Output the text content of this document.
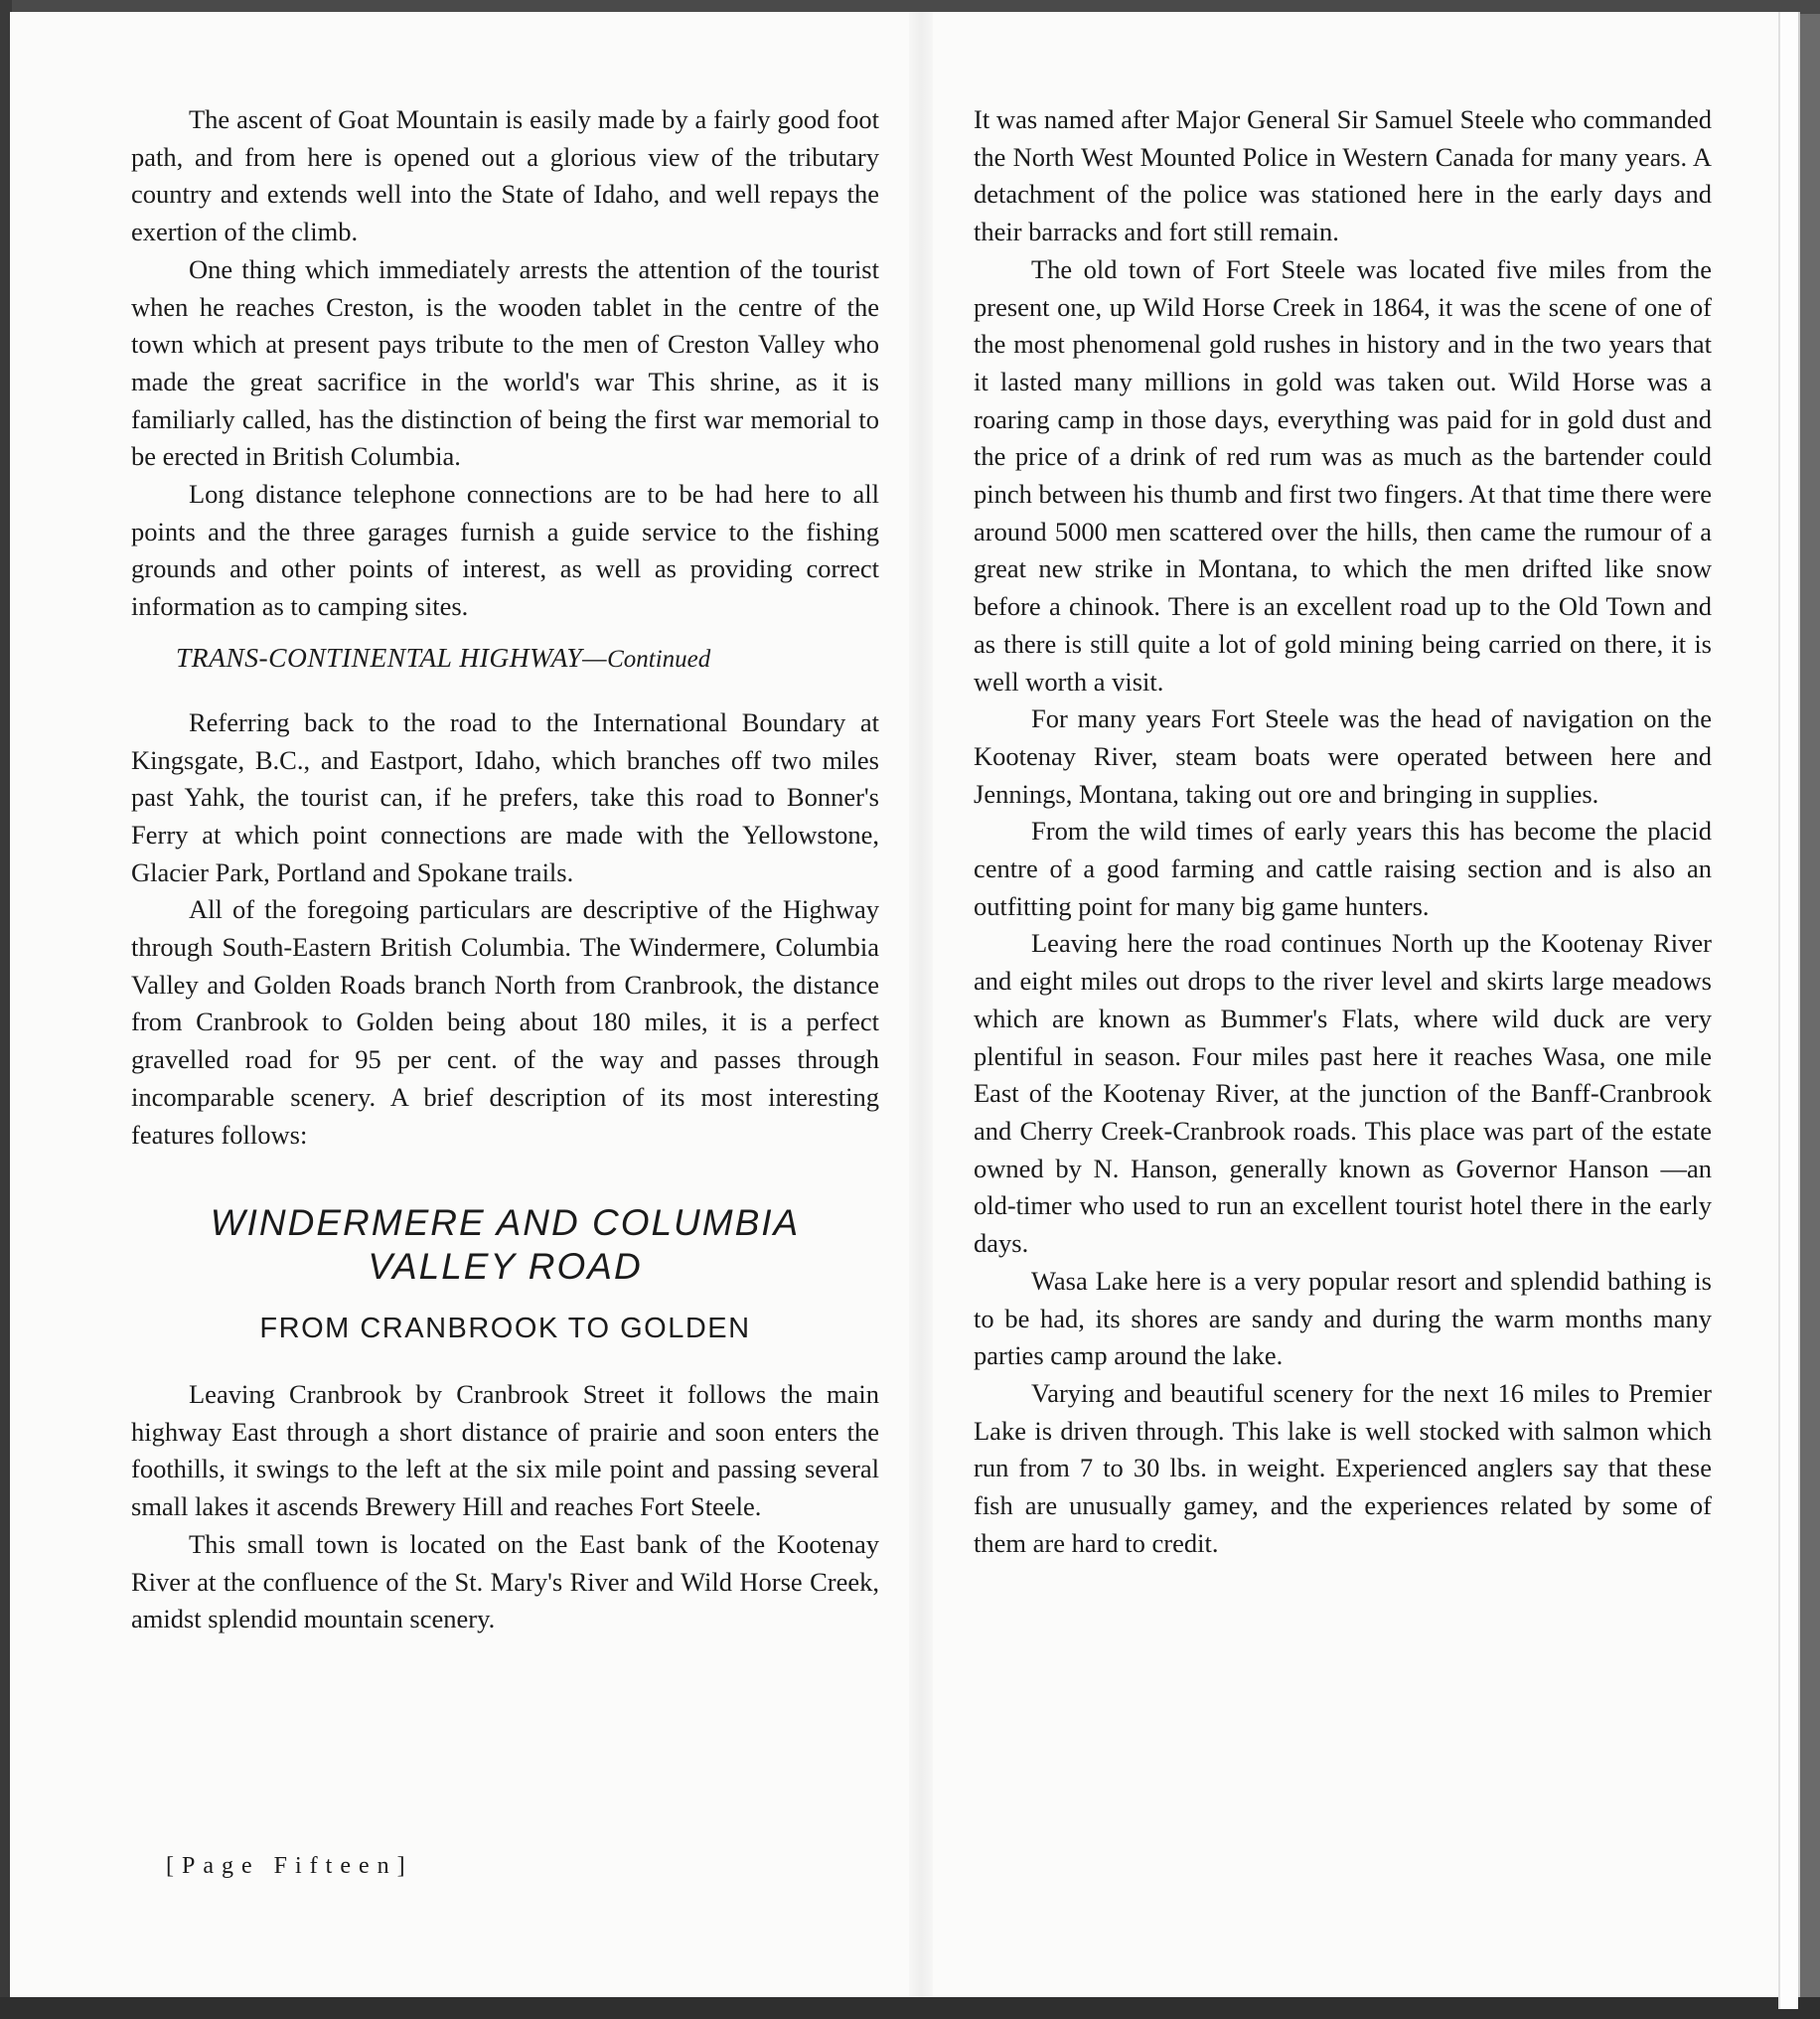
The ascent of Goat Mountain is easily made by a fairly good foot path, and from here is opened out a glorious view of the tributary country and extends well into the State of Idaho, and well repays the exertion of the climb.

One thing which immediately arrests the attention of the tourist when he reaches Creston, is the wooden tablet in the centre of the town which at present pays tribute to the men of Creston Valley who made the great sacrifice in the world's war This shrine, as it is familiarly called, has the distinction of being the first war memorial to be erected in British Columbia.

Long distance telephone connections are to be had here to all points and the three garages furnish a guide service to the fishing grounds and other points of interest, as well as providing correct information as to camping sites.

TRANS-CONTINENTAL HIGHWAY—Continued

Referring back to the road to the International Boundary at Kingsgate, B.C., and Eastport, Idaho, which branches off two miles past Yahk, the tourist can, if he prefers, take this road to Bonner's Ferry at which point connections are made with the Yellowstone, Glacier Park, Portland and Spokane trails.

All of the foregoing particulars are descriptive of the Highway through South-Eastern British Columbia. The Windermere, Columbia Valley and Golden Roads branch North from Cranbrook, the distance from Cranbrook to Golden being about 180 miles, it is a perfect gravelled road for 95 per cent. of the way and passes through incomparable scenery. A brief description of its most interesting features follows:

WINDERMERE AND COLUMBIA VALLEY ROAD
FROM CRANBROOK TO GOLDEN

Leaving Cranbrook by Cranbrook Street it follows the main highway East through a short distance of prairie and soon enters the foothills, it swings to the left at the six mile point and passing several small lakes it ascends Brewery Hill and reaches Fort Steele.

This small town is located on the East bank of the Kootenay River at the confluence of the St. Mary's River and Wild Horse Creek, amidst splendid mountain scenery.

It was named after Major General Sir Samuel Steele who commanded the North West Mounted Police in Western Canada for many years. A detachment of the police was stationed here in the early days and their barracks and fort still remain.

The old town of Fort Steele was located five miles from the present one, up Wild Horse Creek in 1864, it was the scene of one of the most phenomenal gold rushes in history and in the two years that it lasted many millions in gold was taken out. Wild Horse was a roaring camp in those days, everything was paid for in gold dust and the price of a drink of red rum was as much as the bartender could pinch between his thumb and first two fingers. At that time there were around 5000 men scattered over the hills, then came the rumour of a great new strike in Montana, to which the men drifted like snow before a chinook. There is an excellent road up to the Old Town and as there is still quite a lot of gold mining being carried on there, it is well worth a visit.

For many years Fort Steele was the head of navigation on the Kootenay River, steam boats were operated between here and Jennings, Montana, taking out ore and bringing in supplies.

From the wild times of early years this has become the placid centre of a good farming and cattle raising section and is also an outfitting point for many big game hunters.

Leaving here the road continues North up the Kootenay River and eight miles out drops to the river level and skirts large meadows which are known as Bummer's Flats, where wild duck are very plentiful in season. Four miles past here it reaches Wasa, one mile East of the Kootenay River, at the junction of the Banff-Cranbrook and Cherry Creek-Cranbrook roads. This place was part of the estate owned by N. Hanson, generally known as Governor Hanson —an old-timer who used to run an excellent tourist hotel there in the early days.

Wasa Lake here is a very popular resort and splendid bathing is to be had, its shores are sandy and during the warm months many parties camp around the lake.

Varying and beautiful scenery for the next 16 miles to Premier Lake is driven through. This lake is well stocked with salmon which run from 7 to 30 lbs. in weight. Experienced anglers say that these fish are unusually gamey, and the experiences related by some of them are hard to credit.

[Page Fifteen]
